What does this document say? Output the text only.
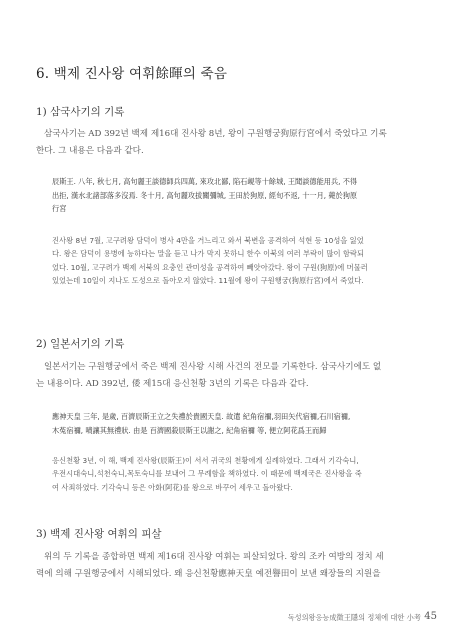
6. 백제 진사왕 여휘餘暉의 죽음
1) 삼국사기의 기록

삼국사기는 AD 392년 백제 제16대 진사왕 8년, 왕이 구원행궁狗原行宮에서 죽었다고 기록
한다. 그 내용은 다음과 같다.

辰斯王. 八年, 秋七月, 高句麗王談德師兵四萬, 來攻北鄙, 陷石峴等十餘城, 王聞談德能用兵, 不得
出拒, 漢水北諸部落多沒焉. 冬十月, 高句麗攻拔關彌城, 王田於狗原, 經旬不返, 十一月, 薨於狗原
行宮

진사왕 8년 7월, 고구려왕 담덕이 병사 4만을 거느리고 와서 북변을 공격하여 석현 등 10성을 잃었
다. 왕은 담덕이 용병에 능하다는 말을 듣고 나가 막지 못하니 한수 이북의 여러 부락이 많이 함락되
었다. 10월, 고구려가 백제 서북의 요충인 관미성을 공격하여 빼앗아갔다. 왕이 구원(狗原)에 머물러
있었는데 10일이 지나도 도성으로 돌아오지 않았다. 11월에 왕이 구원행궁(狗原行宮)에서 죽었다.

2) 일본서기의 기록

일본서기는 구원행궁에서 죽은 백제 진사왕 시해 사건의 전모를 기록한다. 삼국사기에도 없
는 내용이다. AD 392년, 倭 제15대 응신천황 3년의 기록은 다음과 같다.

應神天皇 三年, 是歲, 百濟辰斯王立之失禮於貴國天皇. 故遣 紀角宿禰,羽田矢代宿禰,石川宿禰,
木菟宿禰, 嘖讓其無禮狀. 由是 百濟國殺辰斯王以謝之, 紀角宿禰 等, 便立阿花爲王而歸

응신천황 3년, 이 해, 백제 진사왕(辰斯王)이 서서 귀국의 천황에게 실례하였다. 그래서 기각숙니,
우전시대숙니,석천숙니,목토숙니를 보내어 그 무례함을 책하였다. 이 때문에 백제국은 진사왕을 죽
여 사죄하였다. 기각숙니 등은 아화(阿花)를 왕으로 바꾸어 세우고 돌아왔다.

3) 백제 진사왕 여휘의 피살

위의 두 기록을 종합하면 백제 제16대 진사왕 여휘는 피살되었다. 왕의 조카 여방의 정치 세
력에 의해 구원행궁에서 시해되었다. 왜 응신천황應神天皇 예전譽田이 보낸 왜장들의 지원을

독성의왕응능成徵王隱의 정체에 대한 小考 45
